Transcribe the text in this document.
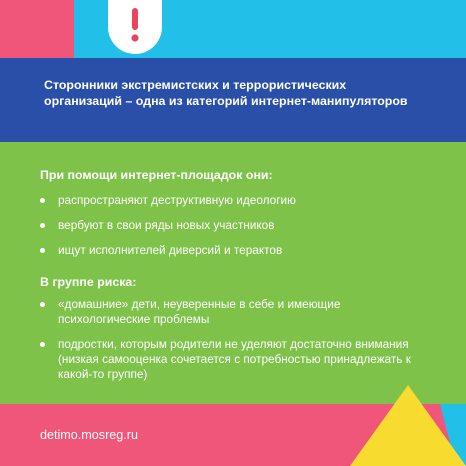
Сторонники экстремистских и террористических организаций – одна из категорий интернет-манипуляторов

При помощи интернет-площадок они:

распространяют деструктивную идеологию
вербуют в свои ряды новых участников
ищут исполнителей диверсий и терактов

В группе риска:

«домашние» дети, неуверенные в себе и имеющие психологические проблемы
подростки, которым родители не уделяют достаточно внимания (низкая самооценка сочетается с потребностью принадлежать к какой-то группе)

detimo.mosreg.ru
